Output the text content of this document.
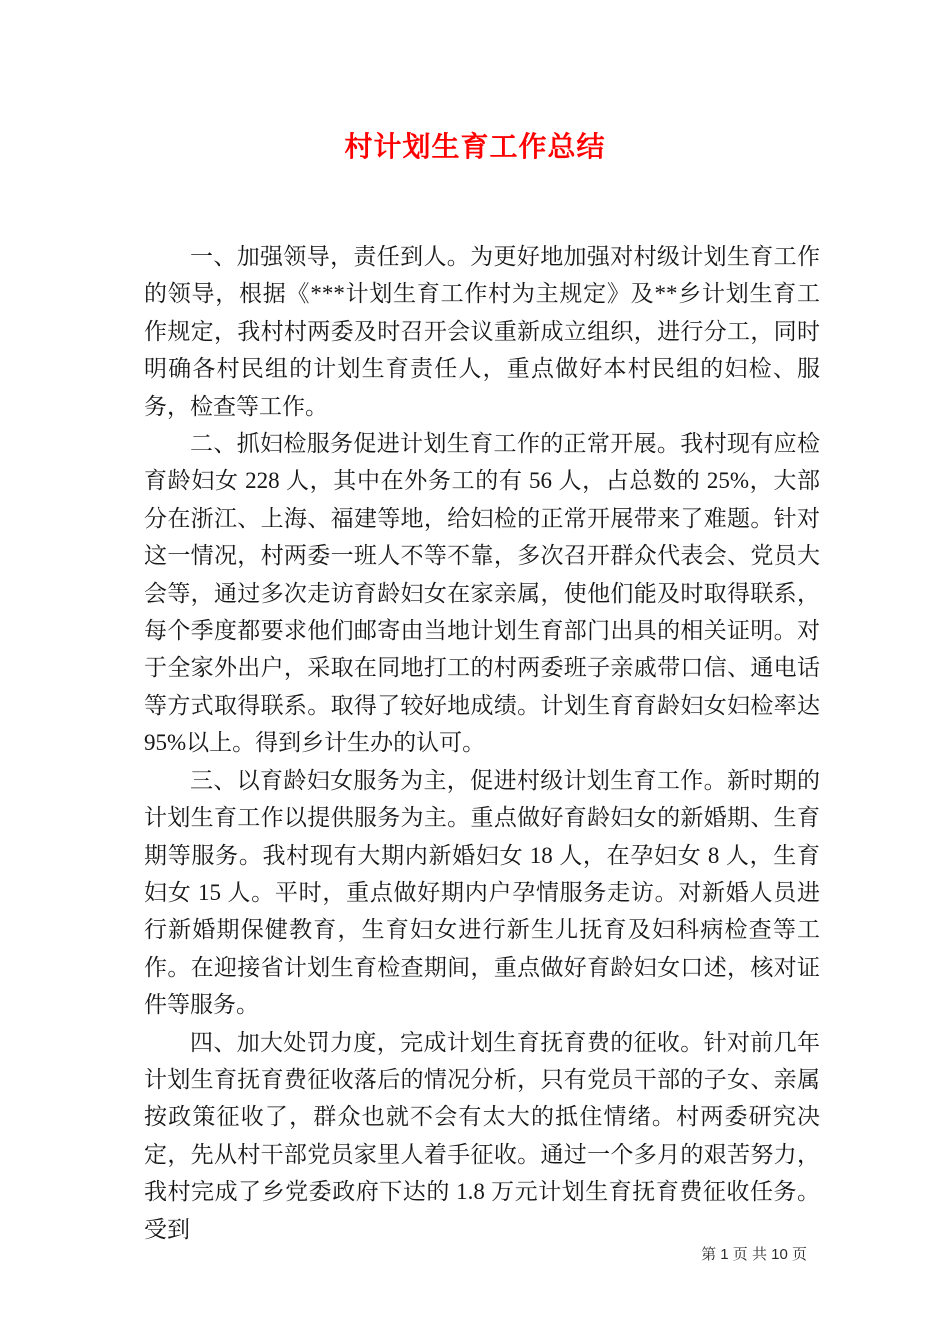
村计划生育工作总结

一、加强领导，责任到人。为更好地加强对村级计划生育工作的领导，根据《***计划生育工作村为主规定》及**乡计划生育工作规定，我村村两委及时召开会议重新成立组织，进行分工，同时明确各村民组的计划生育责任人，重点做好本村民组的妇检、服务，检查等工作。

二、抓妇检服务促进计划生育工作的正常开展。我村现有应检育龄妇女 228 人，其中在外务工的有 56 人，占总数的 25%，大部分在浙江、上海、福建等地，给妇检的正常开展带来了难题。针对这一情况，村两委一班人不等不靠，多次召开群众代表会、党员大会等，通过多次走访育龄妇女在家亲属，使他们能及时取得联系，每个季度都要求他们邮寄由当地计划生育部门出具的相关证明。对于全家外出户，采取在同地打工的村两委班子亲戚带口信、通电话等方式取得联系。取得了较好地成绩。计划生育育龄妇女妇检率达 95%以上。得到乡计生办的认可。

三、以育龄妇女服务为主，促进村级计划生育工作。新时期的计划生育工作以提供服务为主。重点做好育龄妇女的新婚期、生育期等服务。我村现有大期内新婚妇女 18 人，在孕妇女 8 人，生育妇女 15 人。平时，重点做好期内户孕情服务走访。对新婚人员进行新婚期保健教育，生育妇女进行新生儿抚育及妇科病检查等工作。在迎接省计划生育检查期间，重点做好育龄妇女口述，核对证件等服务。

四、加大处罚力度，完成计划生育抚育费的征收。针对前几年计划生育抚育费征收落后的情况分析，只有党员干部的子女、亲属按政策征收了，群众也就不会有太大的抵住情绪。村两委研究决定，先从村干部党员家里人着手征收。通过一个多月的艰苦努力，我村完成了乡党委政府下达的 1.8 万元计划生育抚育费征收任务。受到

第 1 页 共 10 页
